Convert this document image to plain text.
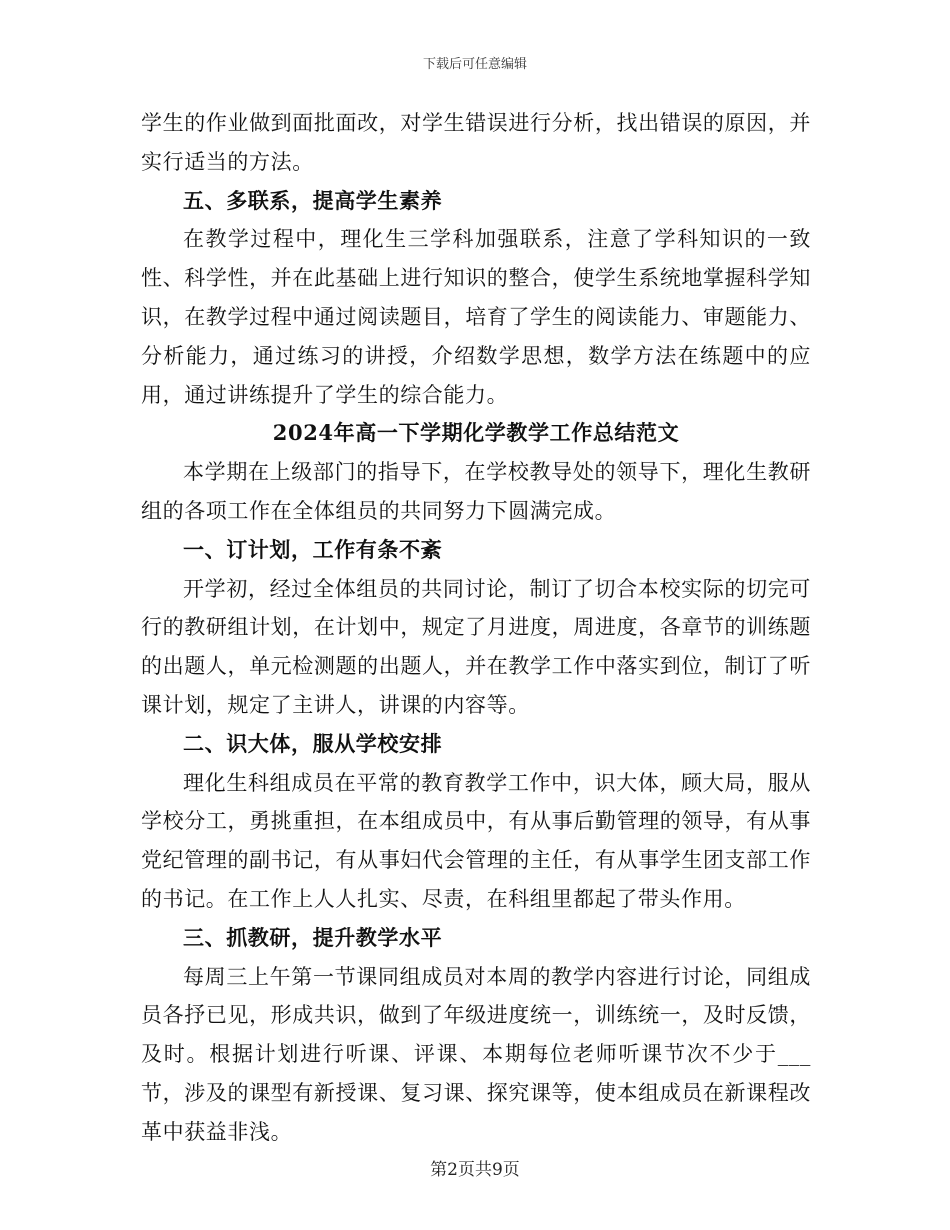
下载后可任意编辑

学生的作业做到面批面改，对学生错误进行分析，找出错误的原因，并实行适当的方法。

五、多联系，提高学生素养

在教学过程中，理化生三学科加强联系，注意了学科知识的一致性、科学性，并在此基础上进行知识的整合，使学生系统地掌握科学知识，在教学过程中通过阅读题目，培育了学生的阅读能力、审题能力、分析能力，通过练习的讲授，介绍数学思想，数学方法在练题中的应用，通过讲练提升了学生的综合能力。

2024年高一下学期化学教学工作总结范文

本学期在上级部门的指导下，在学校教导处的领导下，理化生教研组的各项工作在全体组员的共同努力下圆满完成。

一、订计划，工作有条不紊

开学初，经过全体组员的共同讨论，制订了切合本校实际的切完可行的教研组计划，在计划中，规定了月进度，周进度，各章节的训练题的出题人，单元检测题的出题人，并在教学工作中落实到位，制订了听课计划，规定了主讲人，讲课的内容等。

二、识大体，服从学校安排

理化生科组成员在平常的教育教学工作中，识大体，顾大局，服从学校分工，勇挑重担，在本组成员中，有从事后勤管理的领导，有从事党纪管理的副书记，有从事妇代会管理的主任，有从事学生团支部工作的书记。在工作上人人扎实、尽责，在科组里都起了带头作用。

三、抓教研，提升教学水平

每周三上午第一节课同组成员对本周的教学内容进行讨论，同组成员各抒已见，形成共识，做到了年级进度统一，训练统一，及时反馈，及时。根据计划进行听课、评课、本期每位老师听课节次不少于___节，涉及的课型有新授课、复习课、探究课等，使本组成员在新课程改革中获益非浅。

第2页共9页
